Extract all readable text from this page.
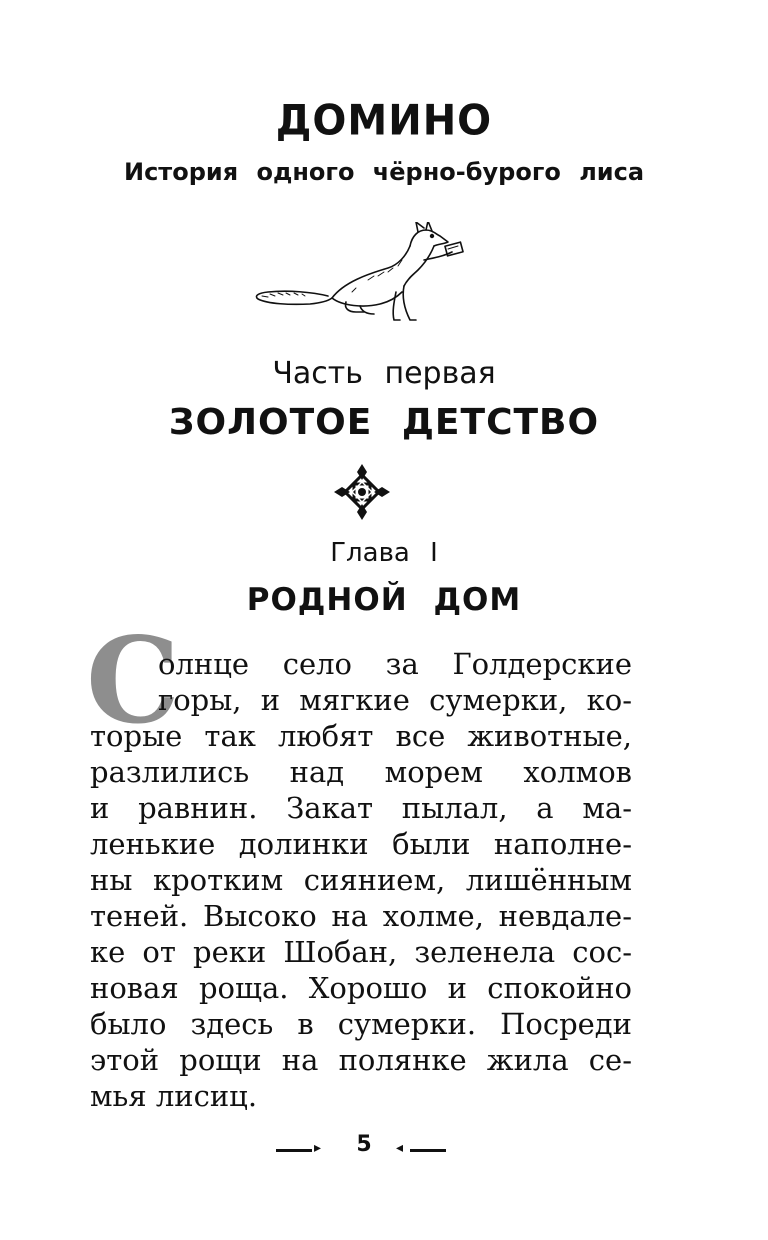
ДОМИНО
История одного чёрно-бурого лиса
Часть первая
ЗОЛОТОЕ ДЕТСТВО
Глава I
РОДНОЙ ДОМ
С
олнце село за Голдерские
горы, и мягкие сумерки, ко-
торые так любят все животные,
разлились над морем холмов
и равнин. Закат пылал, а ма-
ленькие долинки были наполне-
ны кротким сиянием, лишённым
теней. Высоко на холме, невдале-
ке от реки Шобан, зеленела сос-
новая роща. Хорошо и спокойно
было здесь в сумерки. Посреди
этой рощи на полянке жила се-
мья лисиц.
▸	5	◂
